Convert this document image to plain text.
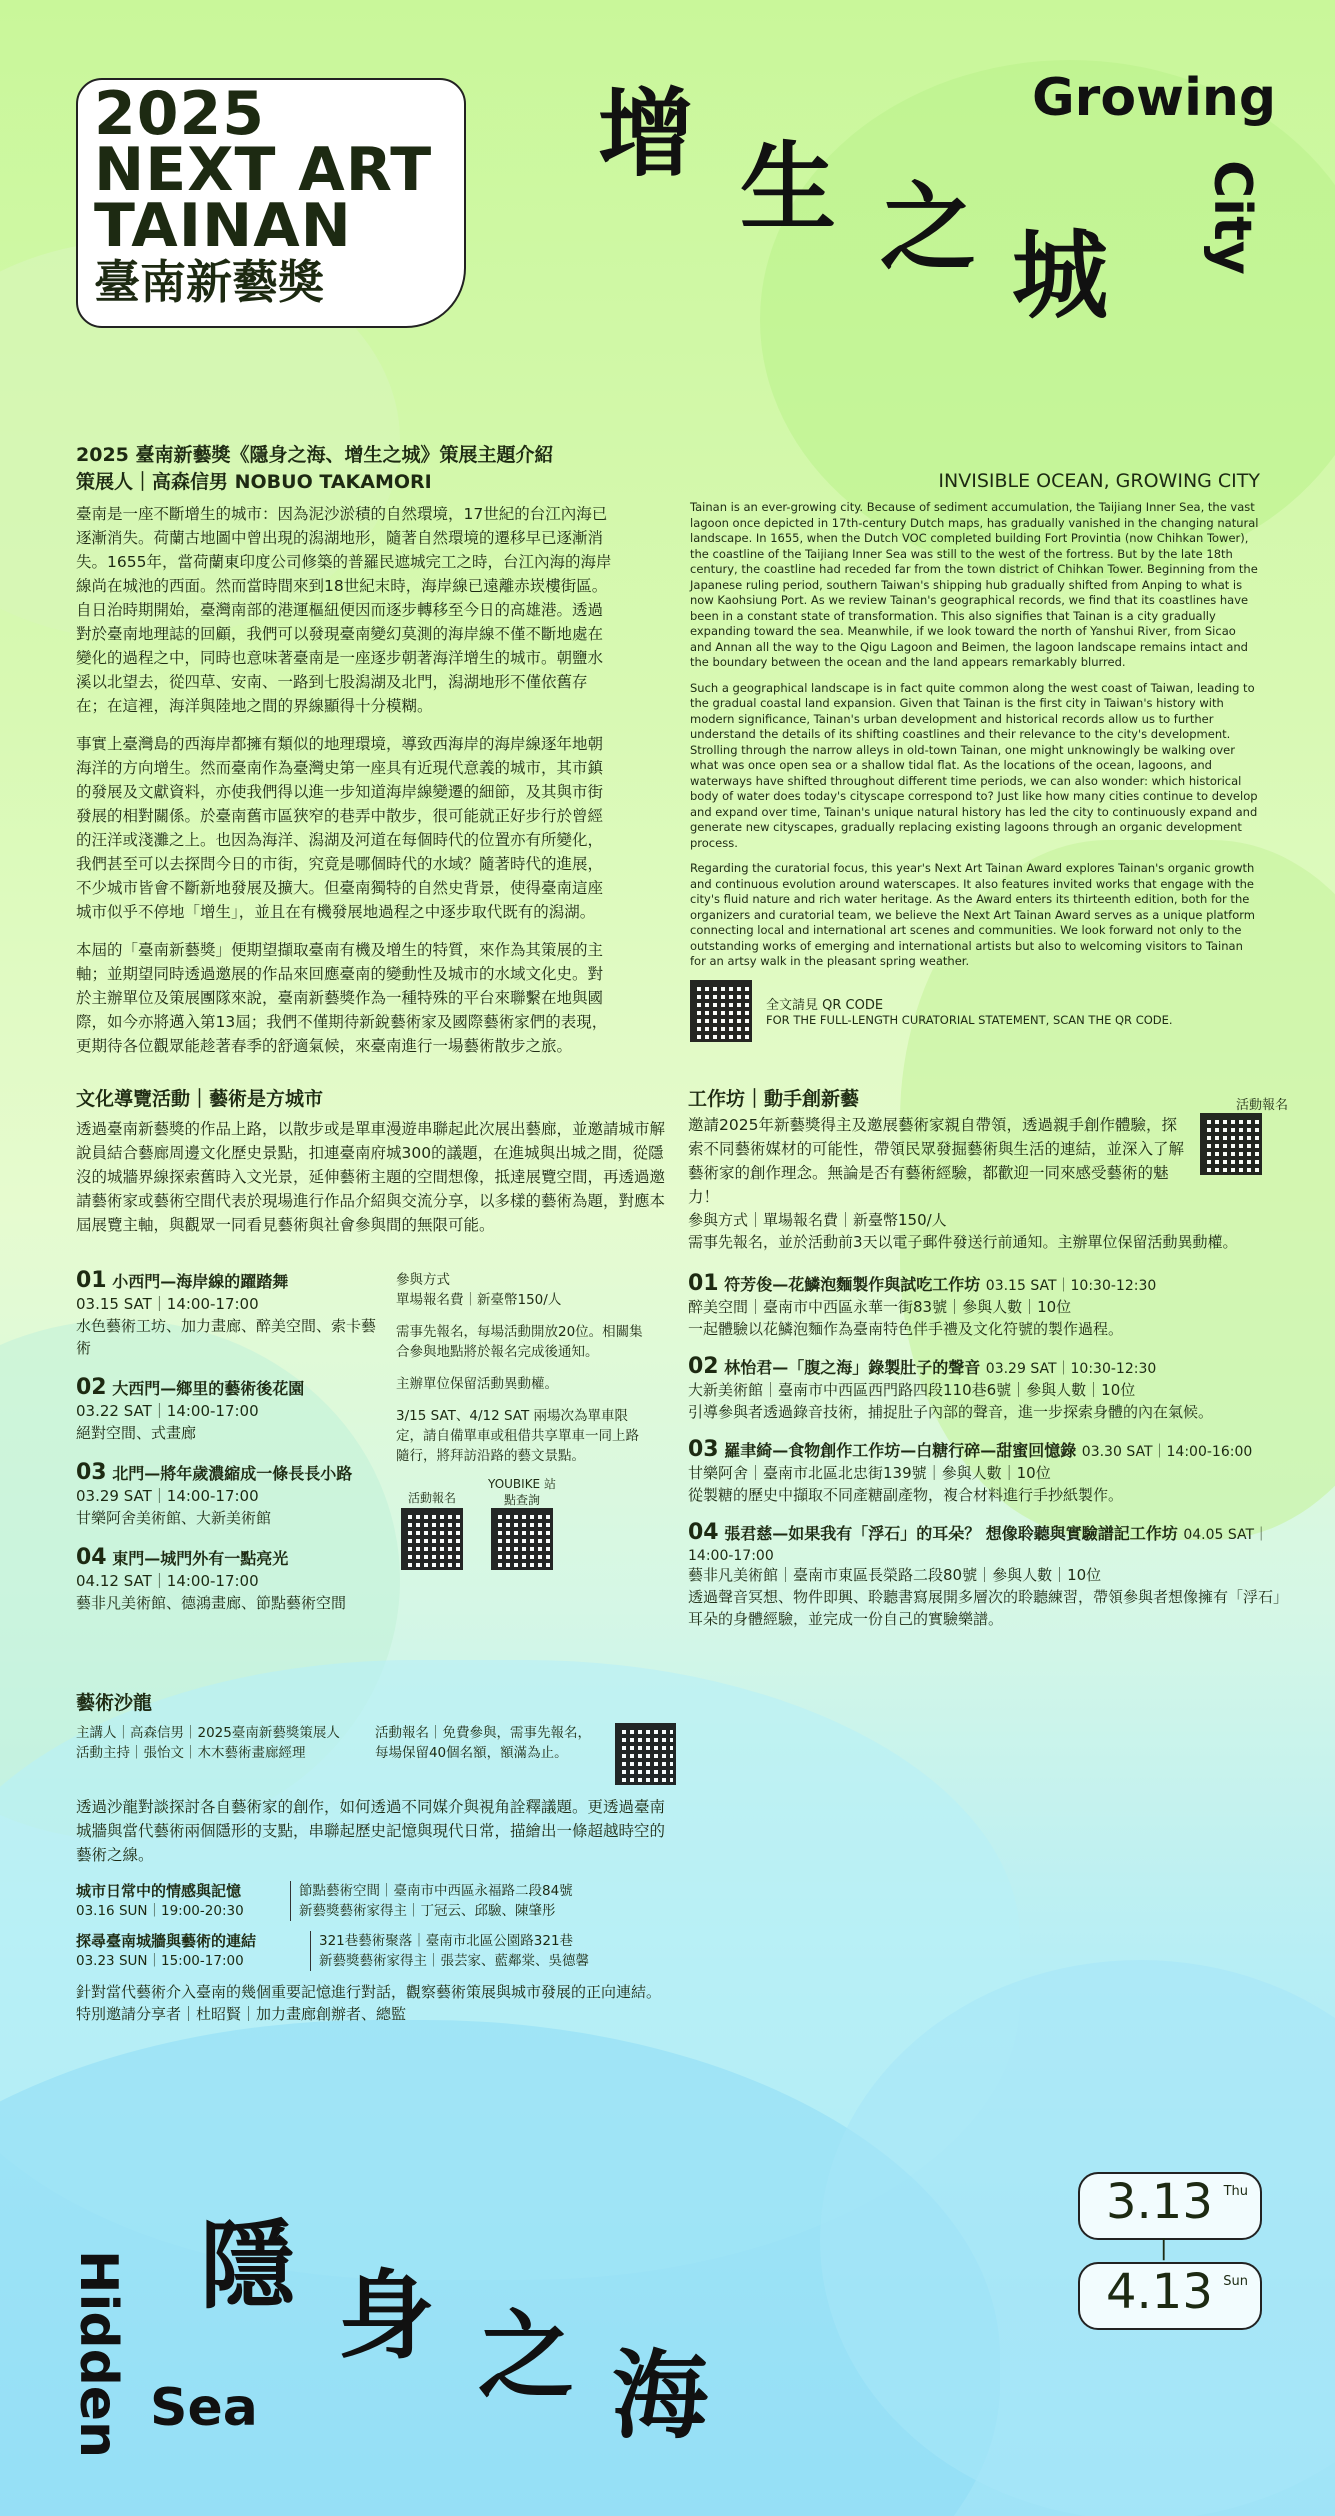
2025
NEXT ART
TAINAN
臺南新藝獎
增 生 之 城
Growing
City
2025 臺南新藝獎《隱身之海、增生之城》策展主題介紹
策展人｜高森信男 NOBUO TAKAMORI

臺南是一座不斷增生的城市：因為泥沙淤積的自然環境，17世紀的台江內海已逐漸消失。荷蘭古地圖中曾出現的潟湖地形，隨著自然環境的遷移早已逐漸消失。1655年，當荷蘭東印度公司修築的普羅民遮城完工之時，台江內海的海岸線尚在城池的西面。然而當時間來到18世紀末時，海岸線已遠離赤崁樓街區。自日治時期開始，臺灣南部的港運樞紐便因而逐步轉移至今日的高雄港。透過對於臺南地理誌的回顧，我們可以發現臺南變幻莫測的海岸線不僅不斷地處在變化的過程之中，同時也意味著臺南是一座逐步朝著海洋增生的城市。朝鹽水溪以北望去，從四草、安南、一路到七股潟湖及北門，潟湖地形不僅依舊存在；在這裡，海洋與陸地之間的界線顯得十分模糊。

事實上臺灣島的西海岸都擁有類似的地理環境，導致西海岸的海岸線逐年地朝海洋的方向增生。然而臺南作為臺灣史第一座具有近現代意義的城市，其市鎮的發展及文獻資料，亦使我們得以進一步知道海岸線變遷的細節，及其與市街發展的相對關係。於臺南舊市區狹窄的巷弄中散步，很可能就正好步行於曾經的汪洋或淺灘之上。也因為海洋、潟湖及河道在每個時代的位置亦有所變化，我們甚至可以去探問今日的市街，究竟是哪個時代的水域？隨著時代的進展，不少城市皆會不斷新地發展及擴大。但臺南獨特的自然史背景，使得臺南這座城市似乎不停地「增生」，並且在有機發展地過程之中逐步取代既有的潟湖。

本屆的「臺南新藝獎」便期望擷取臺南有機及增生的特質，來作為其策展的主軸；並期望同時透過邀展的作品來回應臺南的變動性及城市的水域文化史。對於主辦單位及策展團隊來說，臺南新藝獎作為一種特殊的平台來聯繫在地與國際，如今亦將邁入第13屆；我們不僅期待新銳藝術家及國際藝術家們的表現，更期待各位觀眾能趁著春季的舒適氣候，來臺南進行一場藝術散步之旅。

INVISIBLE OCEAN, GROWING CITY

Tainan is an ever-growing city. Because of sediment accumulation, the Taijiang Inner Sea, the vast lagoon once depicted in 17th-century Dutch maps, has gradually vanished in the changing natural landscape. In 1655, when the Dutch VOC completed building Fort Provintia (now Chihkan Tower), the coastline of the Taijiang Inner Sea was still to the west of the fortress. But by the late 18th century, the coastline had receded far from the town district of Chihkan Tower. Beginning from the Japanese ruling period, southern Taiwan's shipping hub gradually shifted from Anping to what is now Kaohsiung Port. As we review Tainan's geographical records, we find that its coastlines have been in a constant state of transformation. This also signifies that Tainan is a city gradually expanding toward the sea. Meanwhile, if we look toward the north of Yanshui River, from Sicao and Annan all the way to the Qigu Lagoon and Beimen, the lagoon landscape remains intact and the boundary between the ocean and the land appears remarkably blurred.

Such a geographical landscape is in fact quite common along the west coast of Taiwan, leading to the gradual coastal land expansion. Given that Tainan is the first city in Taiwan's history with modern significance, Tainan's urban development and historical records allow us to further understand the details of its shifting coastlines and their relevance to the city's development. Strolling through the narrow alleys in old-town Tainan, one might unknowingly be walking over what was once open sea or a shallow tidal flat. As the locations of the ocean, lagoons, and waterways have shifted throughout different time periods, we can also wonder: which historical body of water does today's cityscape correspond to? Just like how many cities continue to develop and expand over time, Tainan's unique natural history has led the city to continuously expand and generate new cityscapes, gradually replacing existing lagoons through an organic development process.

Regarding the curatorial focus, this year's Next Art Tainan Award explores Tainan's organic growth and continuous evolution around waterscapes. It also features invited works that engage with the city's fluid nature and rich water heritage. As the Award enters its thirteenth edition, both for the organizers and curatorial team, we believe the Next Art Tainan Award serves as a unique platform connecting local and international art scenes and communities. We look forward not only to the outstanding works of emerging and international artists but also to welcoming visitors to Tainan for an artsy walk in the pleasant spring weather.

全文請見 QR CODE
FOR THE FULL-LENGTH CURATORIAL STATEMENT, SCAN THE QR CODE.
文化導覽活動｜藝術是方城市

透過臺南新藝獎的作品上路，以散步或是單車漫遊串聯起此次展出藝廊，並邀請城市解說員結合藝廊周邊文化歷史景點，扣連臺南府城300的議題，在進城與出城之間，從隱沒的城牆界線探索舊時入文光景，延伸藝術主題的空間想像，抵達展覽空間，再透過邀請藝術家或藝術空間代表於現場進行作品介紹與交流分享，以多樣的藝術為題，對應本屆展覽主軸，與觀眾一同看見藝術與社會參與間的無限可能。

01 小西門—海岸線的躍踏舞
03.15 SAT｜14:00-17:00
水色藝術工坊、加力畫廊、醉美空間、索卡藝術
02 大西門—鄉里的藝術後花園
03.22 SAT｜14:00-17:00
絕對空間、式畫廊
03 北門—將年歲濃縮成一條長長小路
03.29 SAT｜14:00-17:00
甘樂阿舍美術館、大新美術館
04 東門—城門外有一點亮光
04.12 SAT｜14:00-17:00
藝非凡美術館、德鴻畫廊、節點藝術空間
參與方式
單場報名費｜新臺幣150/人
需事先報名，每場活動開放20位。相關集合參與地點將於報名完成後通知。
主辦單位保留活動異動權。
3/15 SAT、4/12 SAT 兩場次為單車限定，請自備單車或租借共享單車一同上路隨行，將拜訪沿路的藝文景點。
活動報名
YOUBIKE 站點查詢
工作坊｜動手創新藝	活動報名

邀請2025年新藝獎得主及邀展藝術家親自帶領，透過親手創作體驗，探索不同藝術媒材的可能性，帶領民眾發掘藝術與生活的連結，並深入了解藝術家的創作理念。無論是否有藝術經驗，都歡迎一同來感受藝術的魅力！

參與方式｜單場報名費｜新臺幣150/人
需事先報名，並於活動前3天以電子郵件發送行前通知。主辦單位保留活動異動權。
01 符芳俊—花鱗泡麵製作與試吃工作坊 03.15 SAT｜10:30-12:30
醉美空間｜臺南市中西區永華一街83號｜參與人數｜10位
一起體驗以花鱗泡麵作為臺南特色伴手禮及文化符號的製作過程。
02 林怡君—「腹之海」錄製肚子的聲音 03.29 SAT｜10:30-12:30
大新美術館｜臺南市中西區西門路四段110巷6號｜參與人數｜10位
引導參與者透過錄音技術，捕捉肚子內部的聲音，進一步探索身體的內在氣候。
03 羅聿綺—食物創作工作坊—白糖行碎—甜蜜回憶錄 03.30 SAT｜14:00-16:00
甘樂阿舍｜臺南市北區北忠街139號｜參與人數｜10位
從製糖的歷史中擷取不同產糖副產物，複合材料進行手抄紙製作。
04 張君慈—如果我有「浮石」的耳朵？ 想像聆聽與實驗譜記工作坊 04.05 SAT｜14:00-17:00
藝非凡美術館｜臺南市東區長榮路二段80號｜參與人數｜10位
透過聲音冥想、物件即興、聆聽書寫展開多層次的聆聽練習，帶領參與者想像擁有「浮石」耳朵的身體經驗，並完成一份自己的實驗樂譜。
藝術沙龍
主講人｜高森信男｜2025臺南新藝獎策展人
活動主持｜張怡文｜木木藝術畫廊經理
活動報名｜免費參與，需事先報名，每場保留40個名額，額滿為止。

透過沙龍對談探討各自藝術家的創作，如何透過不同媒介與視角詮釋議題。更透過臺南城牆與當代藝術兩個隱形的支點，串聯起歷史記憶與現代日常，描繪出一條超越時空的藝術之線。

城市日常中的情感與記憶
03.16 SUN｜19:00-20:30
節點藝術空間｜臺南市中西區永福路二段84號
新藝獎藝術家得主｜丁冠云、邱驗、陳肇彤
探尋臺南城牆與藝術的連結
03.23 SUN｜15:00-17:00
321巷藝術聚落｜臺南市北區公園路321巷
新藝獎藝術家得主｜張芸家、藍鄰棠、吳德馨
針對當代藝術介入臺南的幾個重要記憶進行對話，觀察藝術策展與城市發展的正向連結。
特別邀請分享者｜杜昭賢｜加力畫廊創辦者、總監
隱 身 之 海
Hidden Sea
3.13 Thu
|
4.13 Sun
